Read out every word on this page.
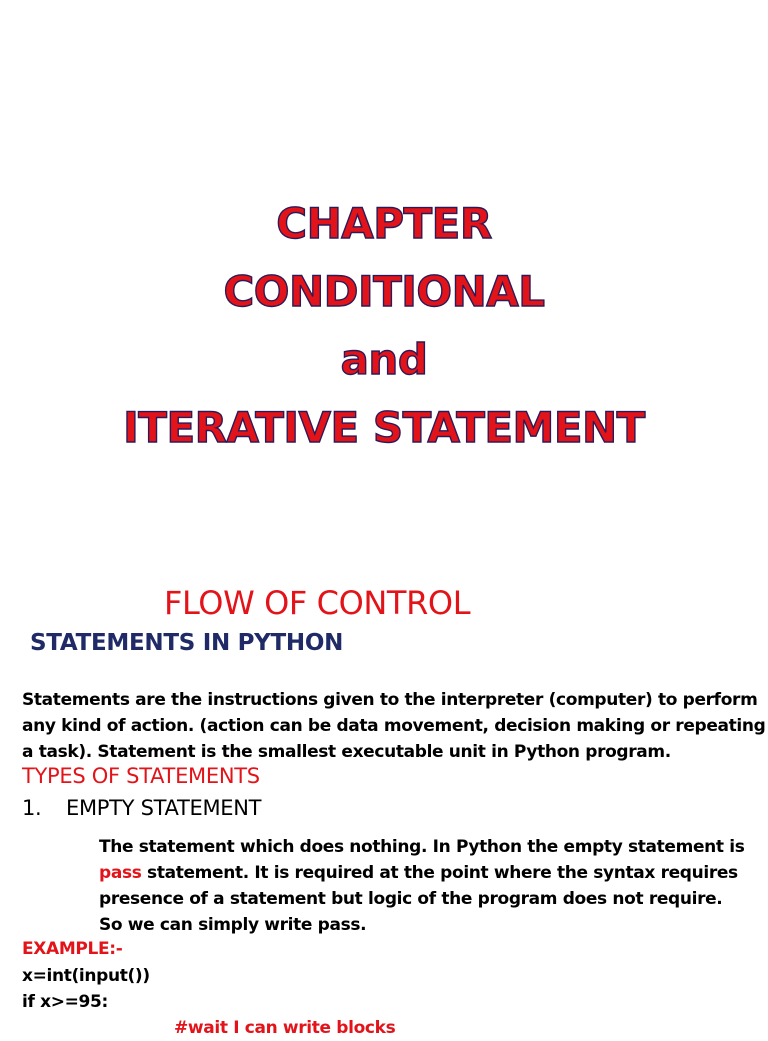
CHAPTER
CONDITIONAL
and
ITERATIVE STATEMENT
FLOW OF CONTROL
STATEMENTS IN PYTHON
Statements are the instructions given to the interpreter (computer) to perform
any kind of action. (action can be data movement, decision making or repeating
a task). Statement is the smallest executable unit in Python program.
TYPES OF STATEMENTS
1. EMPTY STATEMENT
The statement which does nothing. In Python the empty statement is
pass statement. It is required at the point where the syntax requires
presence of a statement but logic of the program does not require.
So we can simply write pass.
EXAMPLE:-
x=int(input())
if x>=95:
#wait I can write blocks
